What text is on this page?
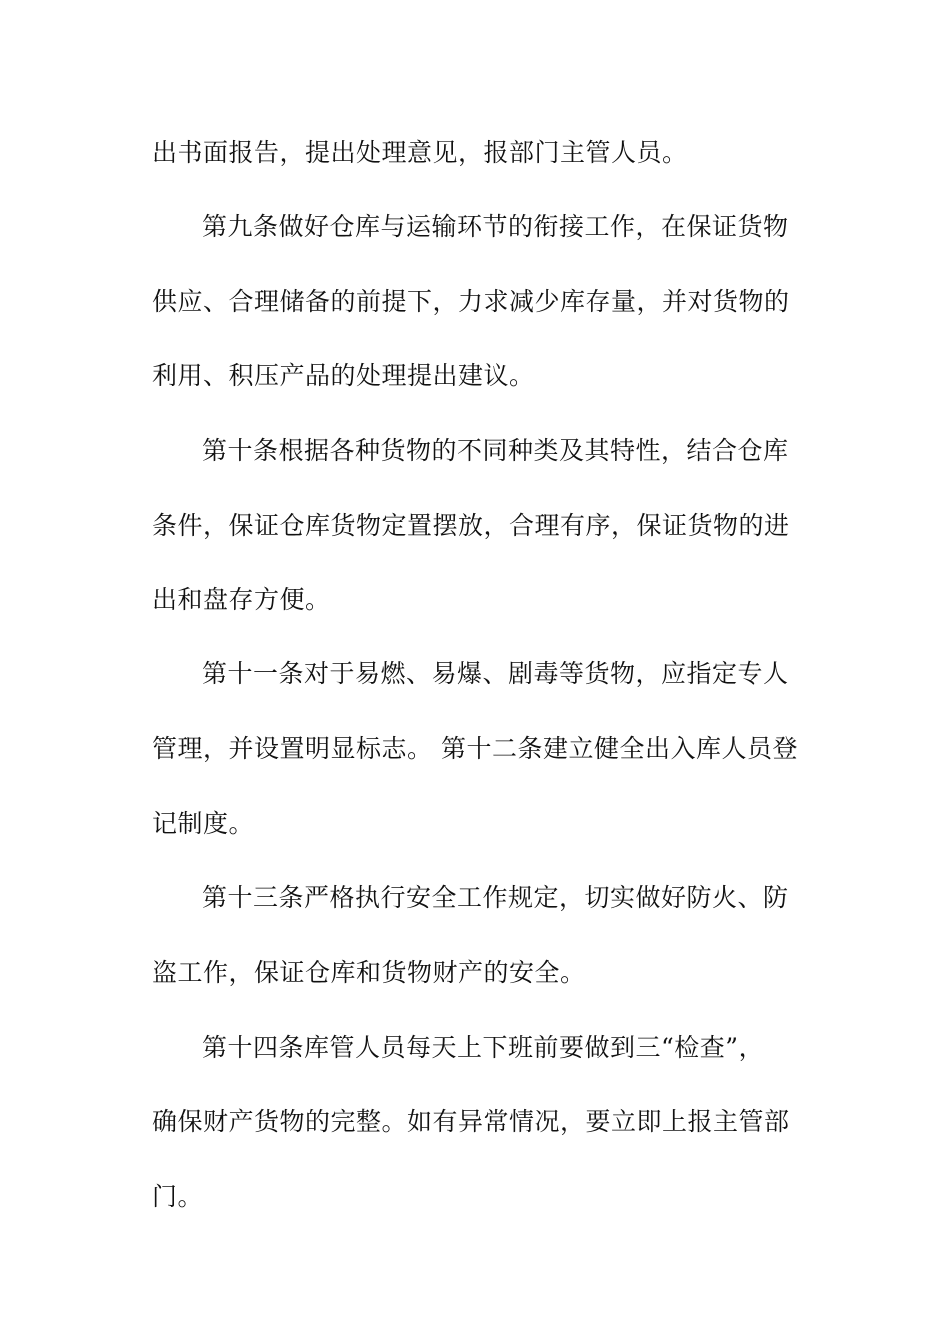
出书面报告，提出处理意见，报部门主管人员。
第九条做好仓库与运输环节的衔接工作，在保证货物
供应、合理储备的前提下，力求减少库存量，并对货物的
利用、积压产品的处理提出建议。
第十条根据各种货物的不同种类及其特性，结合仓库
条件，保证仓库货物定置摆放，合理有序，保证货物的进
出和盘存方便。
第十一条对于易燃、易爆、剧毒等货物，应指定专人
管理，并设置明显标志。 第十二条建立健全出入库人员登
记制度。
第十三条严格执行安全工作规定，切实做好防火、防
盗工作，保证仓库和货物财产的安全。
第十四条库管人员每天上下班前要做到三“检查”，
确保财产货物的完整。如有异常情况，要立即上报主管部
门。
